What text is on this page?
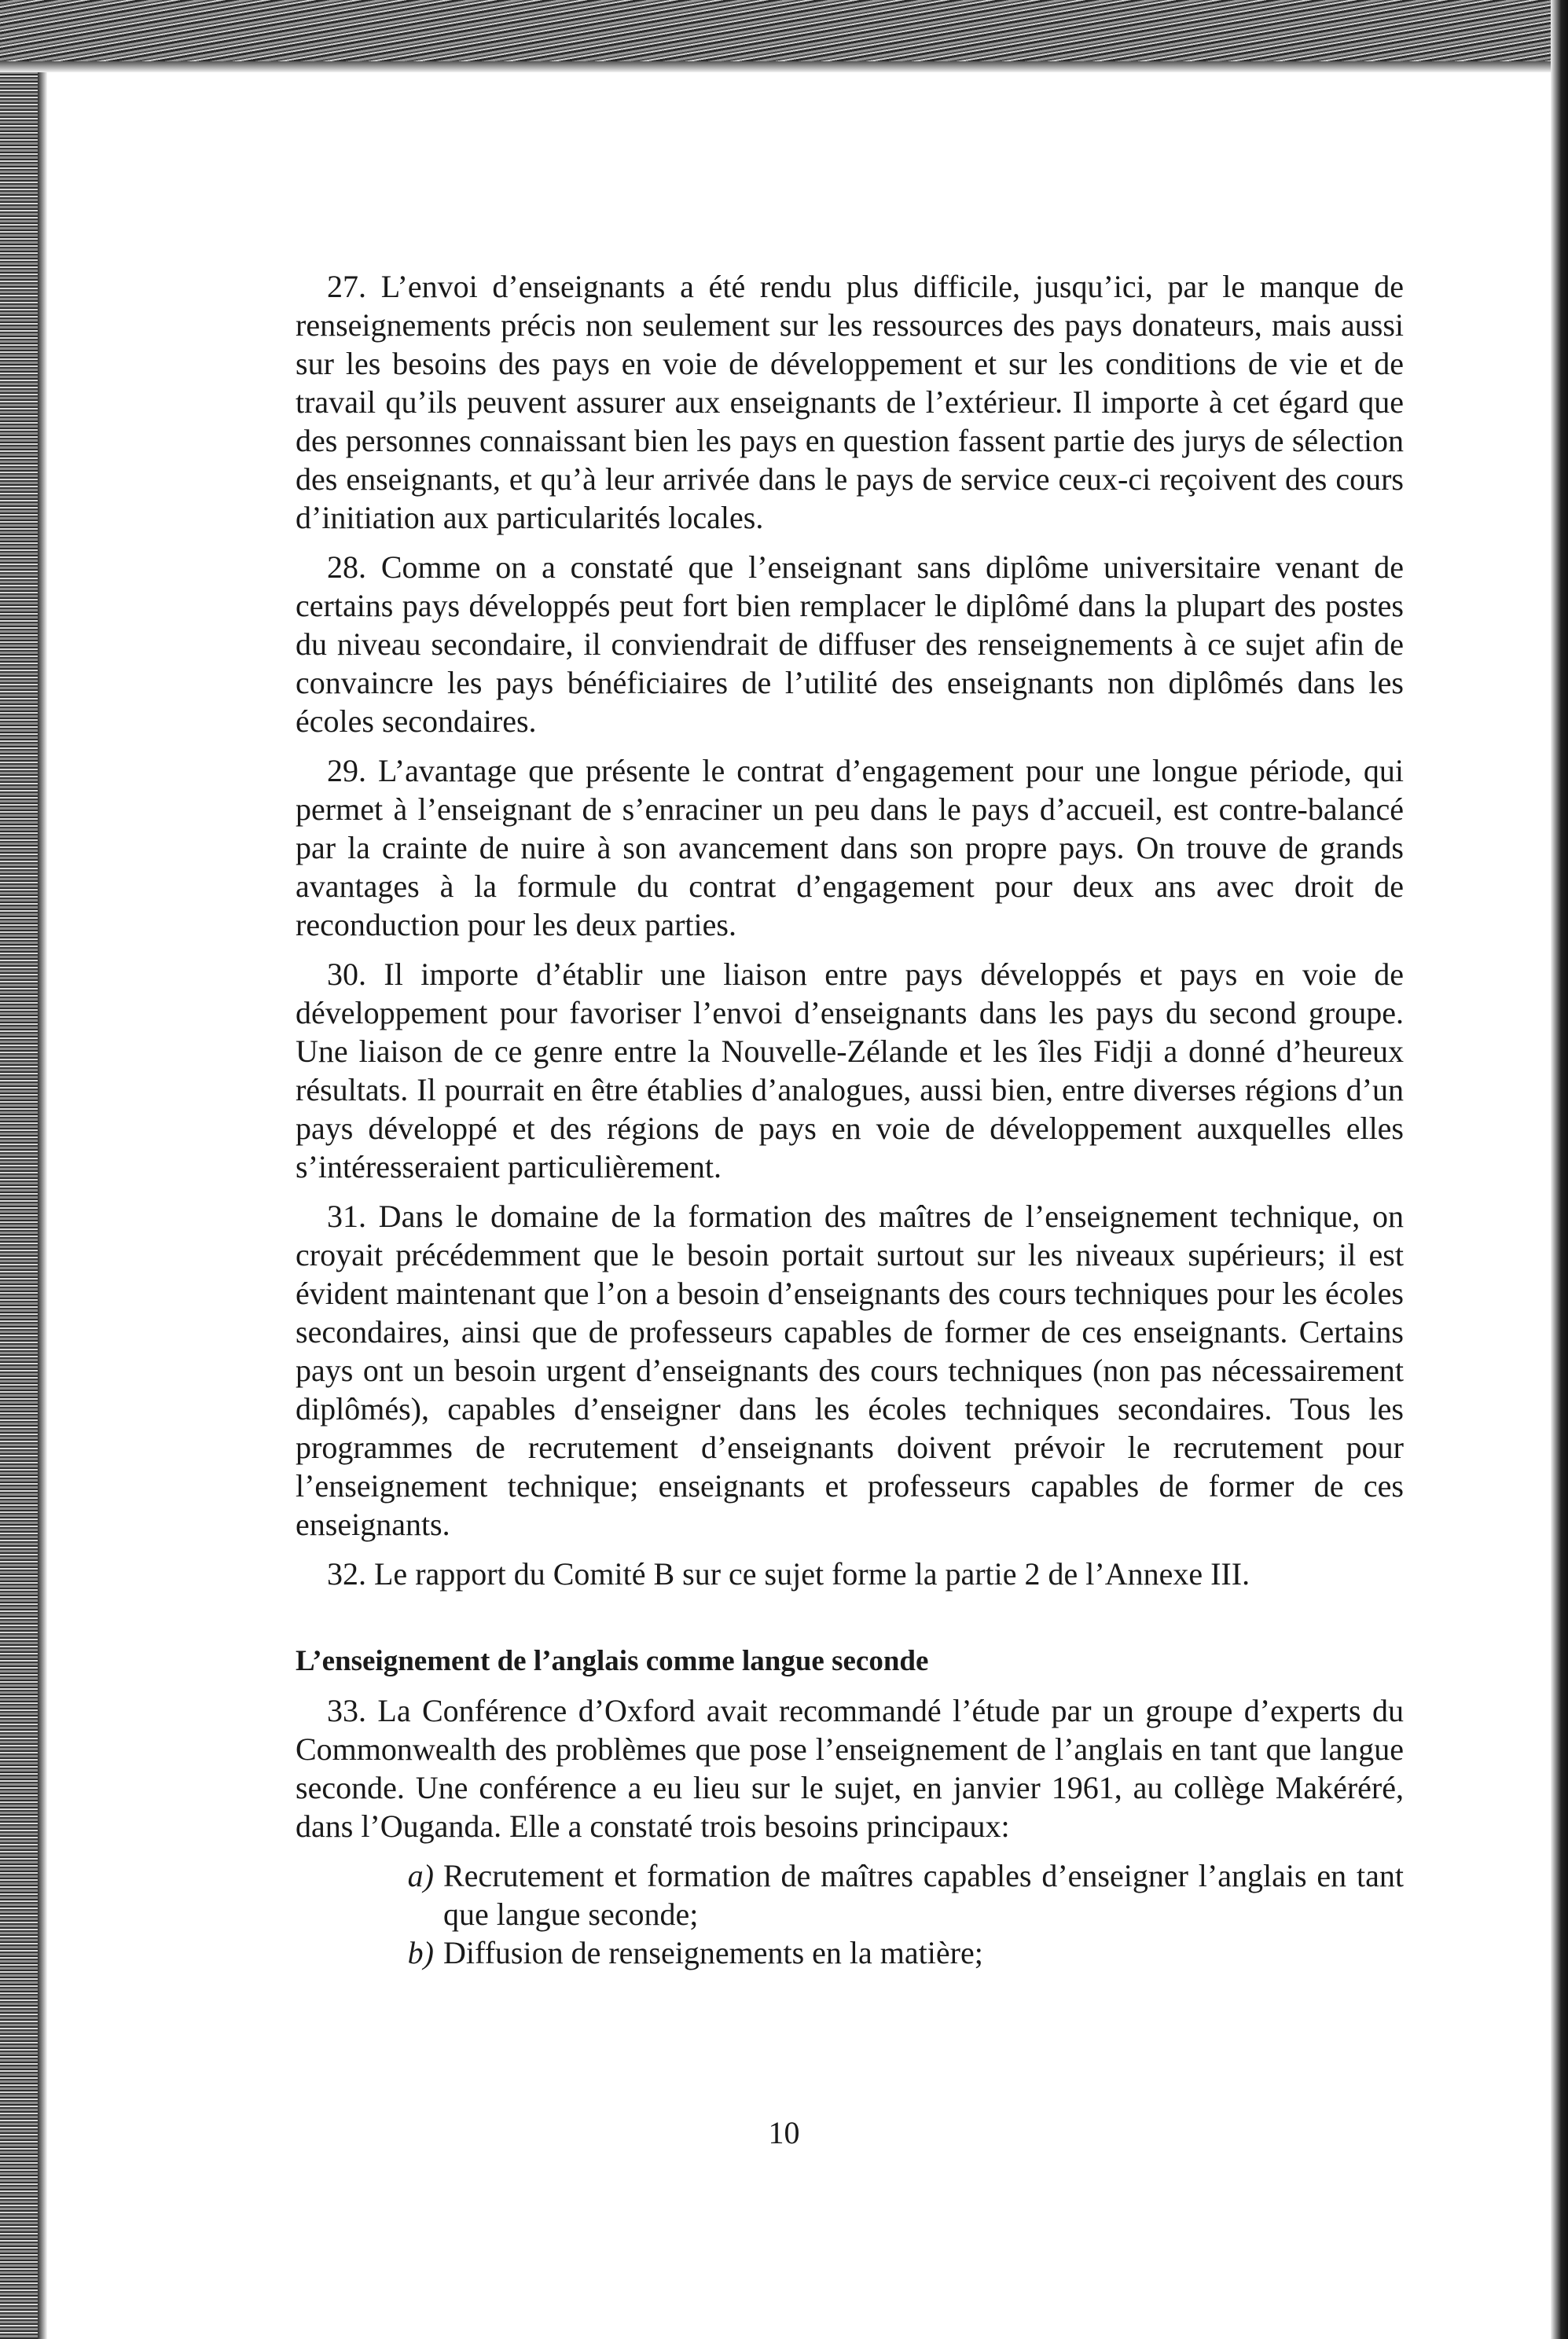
27. L’envoi d’enseignants a été rendu plus difficile, jusqu’ici, par le manque de renseignements précis non seulement sur les ressources des pays donateurs, mais aussi sur les besoins des pays en voie de développement et sur les conditions de vie et de travail qu’ils peuvent assurer aux enseignants de l’extérieur. Il importe à cet égard que des personnes connaissant bien les pays en question fassent partie des jurys de sélection des enseignants, et qu’à leur arrivée dans le pays de service ceux-ci reçoivent des cours d’initiation aux particularités locales.

28. Comme on a constaté que l’enseignant sans diplôme universitaire venant de certains pays développés peut fort bien remplacer le diplômé dans la plupart des postes du niveau secondaire, il conviendrait de diffuser des renseignements à ce sujet afin de convaincre les pays bénéficiaires de l’utilité des enseignants non diplômés dans les écoles secondaires.

29. L’avantage que présente le contrat d’engagement pour une longue période, qui permet à l’enseignant de s’enraciner un peu dans le pays d’accueil, est contre-balancé par la crainte de nuire à son avancement dans son propre pays. On trouve de grands avantages à la formule du contrat d’engagement pour deux ans avec droit de reconduction pour les deux parties.

30. Il importe d’établir une liaison entre pays développés et pays en voie de développement pour favoriser l’envoi d’enseignants dans les pays du second groupe. Une liaison de ce genre entre la Nouvelle-Zélande et les îles Fidji a donné d’heureux résultats. Il pourrait en être établies d’analogues, aussi bien, entre diverses régions d’un pays développé et des régions de pays en voie de développement auxquelles elles s’intéresseraient particulièrement.

31. Dans le domaine de la formation des maîtres de l’enseignement technique, on croyait précédemment que le besoin portait surtout sur les niveaux supérieurs; il est évident maintenant que l’on a besoin d’enseignants des cours techniques pour les écoles secondaires, ainsi que de professeurs capables de former de ces enseignants. Certains pays ont un besoin urgent d’enseignants des cours techniques (non pas nécessairement diplômés), capables d’enseigner dans les écoles techniques secondaires. Tous les programmes de recrutement d’enseignants doivent prévoir le recrutement pour l’enseignement technique; enseignants et professeurs capables de former de ces enseignants.

32. Le rapport du Comité B sur ce sujet forme la partie 2 de l’Annexe III.

L’enseignement de l’anglais comme langue seconde

33. La Conférence d’Oxford avait recommandé l’étude par un groupe d’experts du Commonwealth des problèmes que pose l’enseignement de l’anglais en tant que langue seconde. Une conférence a eu lieu sur le sujet, en janvier 1961, au collège Makéréré, dans l’Ouganda. Elle a constaté trois besoins principaux:

a) Recrutement et formation de maîtres capables d’enseigner l’anglais en tant que langue seconde;
b) Diffusion de renseignements en la matière;
10
